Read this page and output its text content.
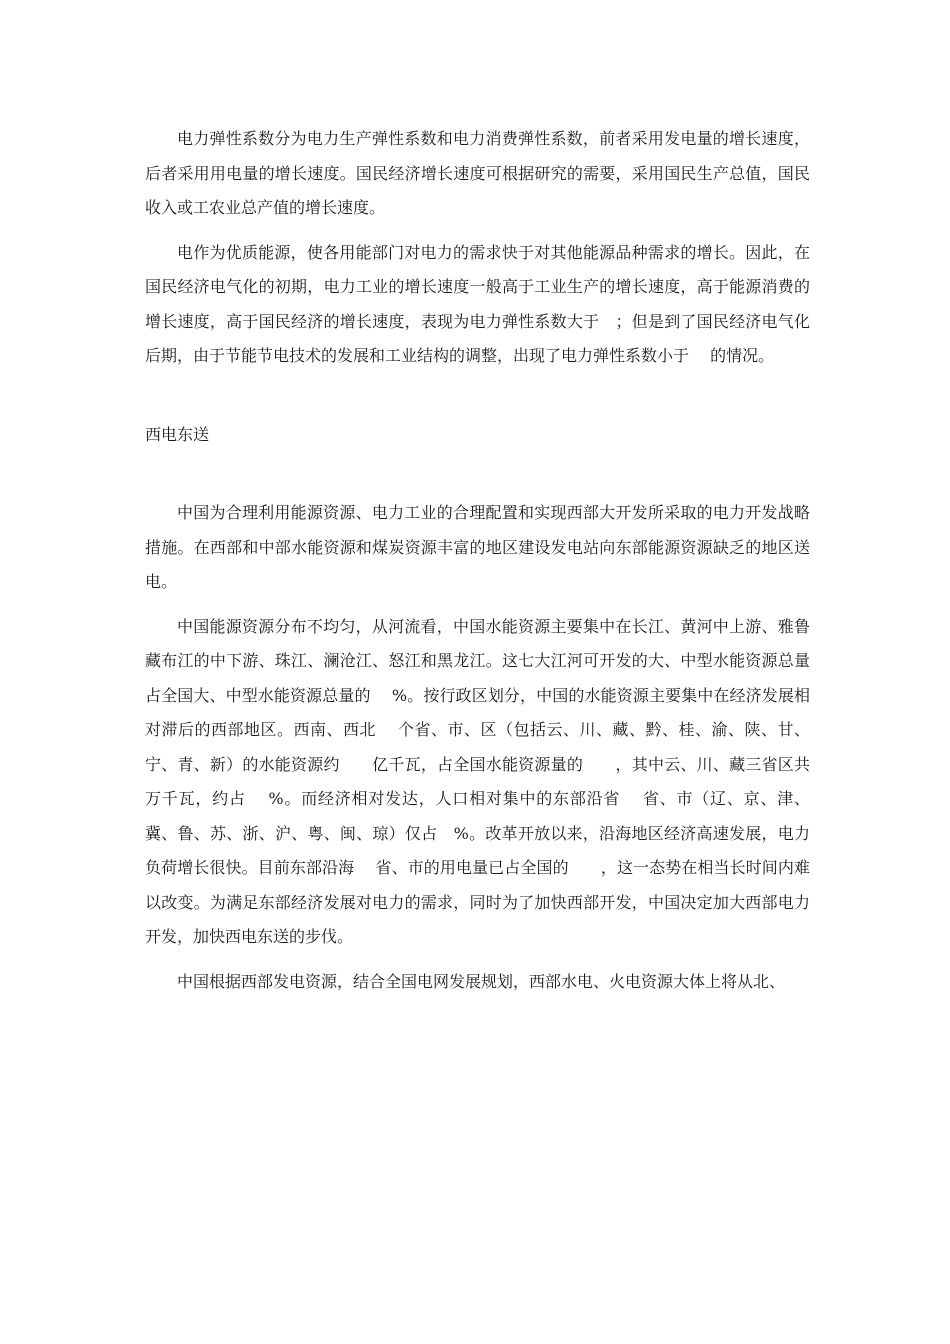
电力弹性系数分为电力生产弹性系数和电力消费弹性系数，前者采用发电量的增长速度，后者采用用电量的增长速度。国民经济增长速度可根据研究的需要，采用国民生产总值，国民收入或工农业总产值的增长速度。

电作为优质能源，使各用能部门对电力的需求快于对其他能源品种需求的增长。因此，在国民经济电气化的初期，电力工业的增长速度一般高于工业生产的增长速度，高于能源消费的增长速度，高于国民经济的增长速度，表现为电力弹性系数大于　；但是到了国民经济电气化后期，由于节能节电技术的发展和工业结构的调整，出现了电力弹性系数小于　 的情况。

西电东送

中国为合理利用能源资源、电力工业的合理配置和实现西部大开发所采取的电力开发战略措施。在西部和中部水能资源和煤炭资源丰富的地区建设发电站向东部能源资源缺乏的地区送电。

中国能源资源分布不均匀，从河流看，中国水能资源主要集中在长江、黄河中上游、雅鲁藏布江的中下游、珠江、澜沧江、怒江和黑龙江。这七大江河可开发的大、中型水能资源总量占全国大、中型水能资源总量的　 %。按行政区划分，中国的水能资源主要集中在经济发展相对滞后的西部地区。西南、西北　 个省、市、区（包括云、川、藏、黔、桂、渝、陕、甘、宁、青、新）的水能资源约　　亿千瓦，占全国水能资源量的　　，其中云、川、藏三省区共　　　万千瓦，约占　 %。而经济相对发达，人口相对集中的东部沿省　 省、市（辽、京、津、冀、鲁、苏、浙、沪、粤、闽、琼）仅占　%。改革开放以来，沿海地区经济高速发展，电力负荷增长很快。目前东部沿海　 省、市的用电量已占全国的　　，这一态势在相当长时间内难以改变。为满足东部经济发展对电力的需求，同时为了加快西部开发，中国决定加大西部电力开发，加快西电东送的步伐。

中国根据西部发电资源，结合全国电网发展规划，西部水电、火电资源大体上将从北、
